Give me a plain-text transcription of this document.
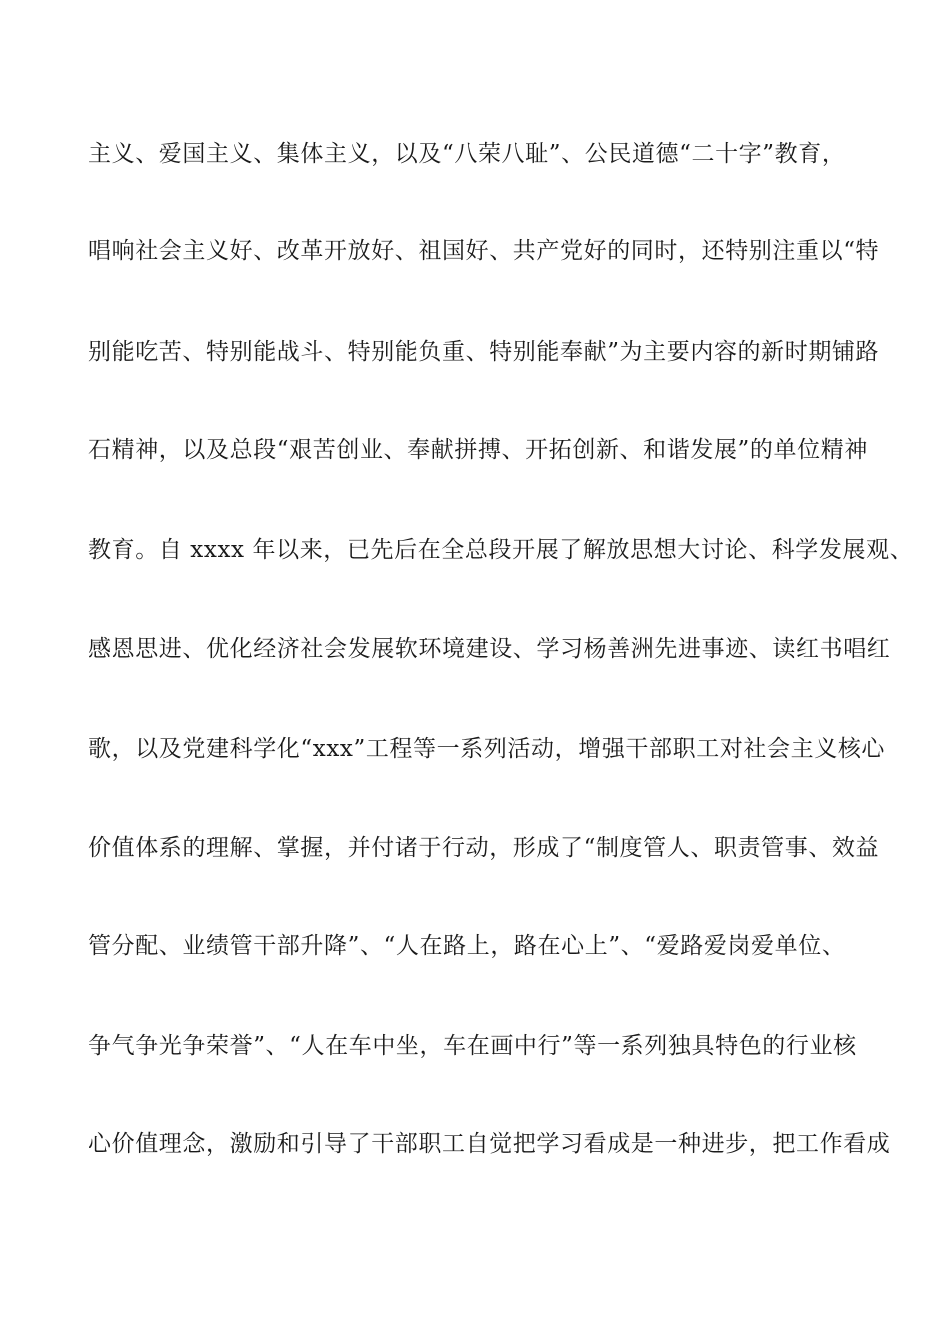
主义、爱国主义、集体主义，以及“八荣八耻”、公民道德“二十字”教育，
唱响社会主义好、改革开放好、祖国好、共产党好的同时，还特别注重以“特
别能吃苦、特别能战斗、特别能负重、特别能奉献”为主要内容的新时期铺路
石精神，以及总段“艰苦创业、奉献拼搏、开拓创新、和谐发展”的单位精神
教育。自 xxxx 年以来，已先后在全总段开展了解放思想大讨论、科学发展观、
感恩思进、优化经济社会发展软环境建设、学习杨善洲先进事迹、读红书唱红
歌，以及党建科学化“xxx”工程等一系列活动，增强干部职工对社会主义核心
价值体系的理解、掌握，并付诸于行动，形成了“制度管人、职责管事、效益
管分配、业绩管干部升降”、“人在路上，路在心上”、“爱路爱岗爱单位、
争气争光争荣誉”、“人在车中坐，车在画中行”等一系列独具特色的行业核
心价值理念，激励和引导了干部职工自觉把学习看成是一种进步，把工作看成
